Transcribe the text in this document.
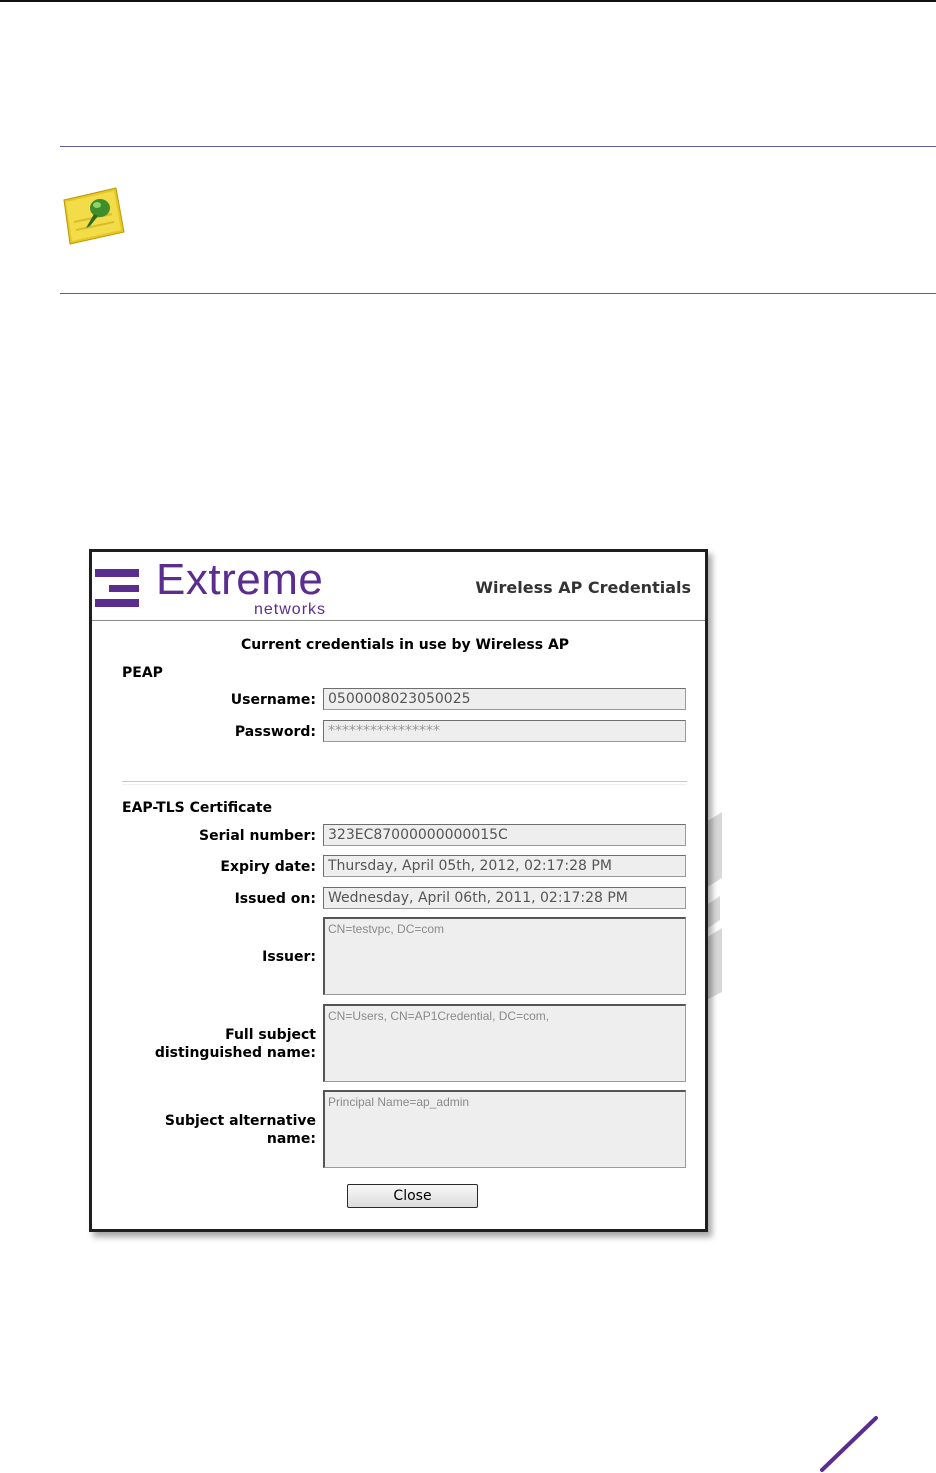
Extreme
networks
Wireless AP Credentials
Current credentials in use by Wireless AP
PEAP
Username: 0500008023050025
Password: ****************
EAP-TLS Certificate
Serial number: 323EC87000000000015C
Expiry date: Thursday, April 05th, 2012, 02:17:28 PM
Issued on: Wednesday, April 06th, 2011, 02:17:28 PM
Issuer:
CN=testvpc, DC=com
Full subject
distinguished name:
CN=Users, CN=AP1Credential, DC=com,
Subject alternative
name:
Principal Name=ap_admin
Close
